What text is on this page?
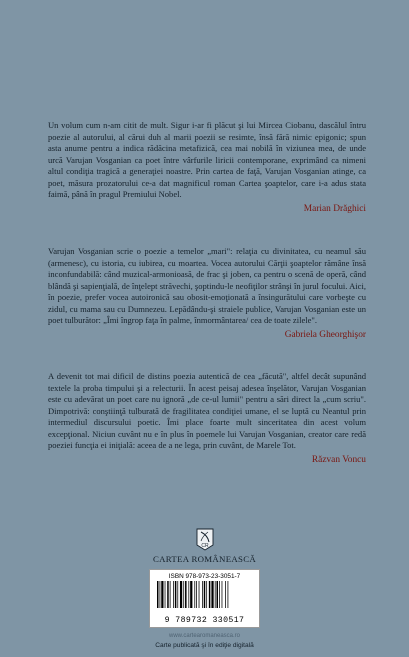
Un volum cum n-am citit de mult. Sigur i-ar fi plăcut şi lui Mircea Ciobanu, dascălul întru poezie al autorului, al cărui duh al marii poezii se resimte, însă fără nimic epigonic; spun asta anume pentru a indica rădăcina metafizică, cea mai nobilă în viziunea mea, de unde urcă Varujan Vosganian ca poet între vârfurile liricii contemporane, exprimând ca nimeni altul condiţia tragică a generaţiei noastre. Prin cartea de faţă, Varujan Vosganian atinge, ca poet, măsura prozatorului ce-a dat magnificul roman Cartea şoaptelor, care i-a adus stata faimă, până în pragul Premiului Nobel.

Marian Drăghici

Varujan Vosganian scrie o poezie a temelor „mari": relaţia cu divinitatea, cu neamul său (armenesc), cu istoria, cu iubirea, cu moartea. Vocea autorului Cărţii şoaptelor rămâne însă inconfundabilă: când muzical-armonioasă, de frac şi joben, ca pentru o scenă de operă, când blândă şi sapienţială, de înţelept străvechi, şoptindu-le neofiţilor strânşi în jurul focului. Aici, în poezie, prefer vocea autoironică sau obosit-emoţionată a însingurătului care vorbeşte cu zidul, cu mama sau cu Dumnezeu. Lepădându-şi straiele publice, Varujan Vosganian este un poet tulburător: „Îmi îngrop faţa în palme, înmormântarea/ cea de toate zilele".

Gabriela Gheorghişor

A devenit tot mai dificil de distins poezia autentică de cea „făcută", altfel decât supunând textele la proba timpului şi a relecturii. În acest peisaj adesea înşelător, Varujan Vosganian este cu adevărat un poet care nu ignoră „de ce-ul lumii" pentru a sări direct la „cum scriu". Dimpotrivă: conştiinţă tulburată de fragilitatea condiţiei umane, el se luptă cu Neantul prin intermediul discursului poetic. Îmi place foarte mult sinceritatea din acest volum excepţional. Niciun cuvânt nu e în plus în poemele lui Varujan Vosganian, creator care redă poeziei funcţia ei iniţială: aceea de a ne lega, prin cuvânt, de Marele Tot.

Răzvan Voncu

CR
CARTEA ROMÂNEASCĂ
ISBN 978-973-23-3051-7
9 789732 330517
www.cartearomaneasca.ro
Carte publicată şi în ediţie digitală
